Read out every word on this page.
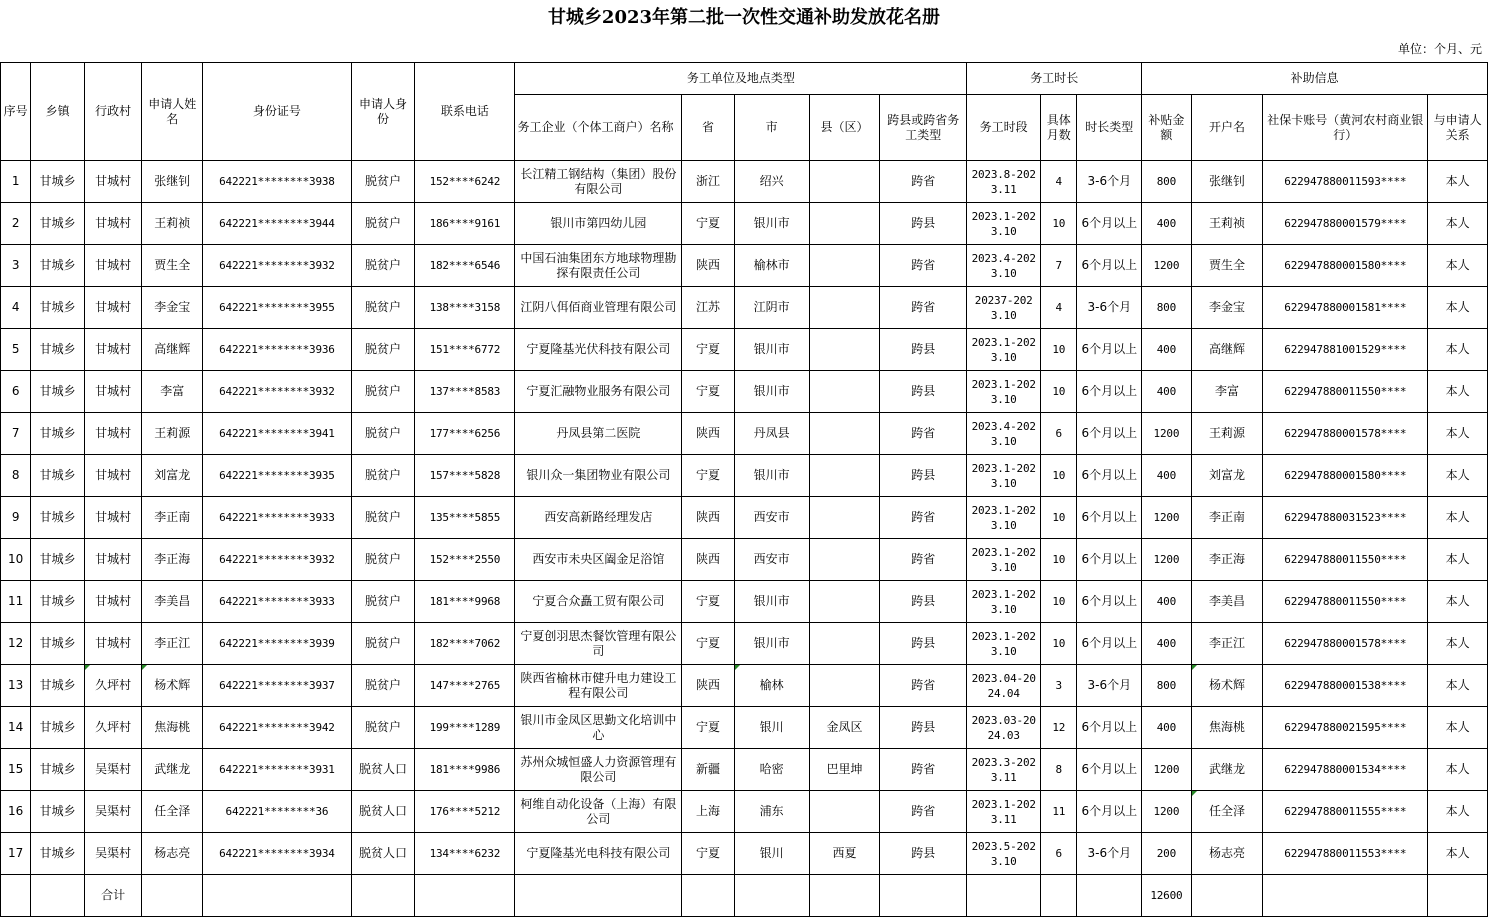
甘城乡2023年第二批一次性交通补助发放花名册
单位：个月、元
序号	乡镇	行政村	申请人姓名	身份证号	申请人身份	联系电话	务工单位及地点类型					务工时长			补助信息			
							务工企业（个体工商户）名称	省	市	县（区）	跨县或跨省务工类型	务工时段	具体月数	时长类型	补贴金额	开户名	社保卡账号（黄河农村商业银行）	与申请人关系
1	甘城乡	甘城村	张继钊	642221********3938	脱贫户	152****6242	长江精工钢结构（集团）股份有限公司	浙江	绍兴		跨省	2023.8-2023.11	4	3-6个月	800	张继钊	622947880011593****	本人
2	甘城乡	甘城村	王莉祯	642221********3944	脱贫户	186****9161	银川市第四幼儿园	宁夏	银川市		跨县	2023.1-2023.10	10	6个月以上	400	王莉祯	622947880001579****	本人
3	甘城乡	甘城村	贾生全	642221********3932	脱贫户	182****6546	中国石油集团东方地球物理勘探有限责任公司	陕西	榆林市		跨省	2023.4-2023.10	7	6个月以上	1200	贾生全	622947880001580****	本人
4	甘城乡	甘城村	李金宝	642221********3955	脱贫户	138****3158	江阴八佴佰商业管理有限公司	江苏	江阴市		跨省	20237-2023.10	4	3-6个月	800	李金宝	622947880001581****	本人
5	甘城乡	甘城村	高继辉	642221********3936	脱贫户	151****6772	宁夏隆基光伏科技有限公司	宁夏	银川市		跨县	2023.1-2023.10	10	6个月以上	400	高继辉	622947881001529****	本人
6	甘城乡	甘城村	李富	642221********3932	脱贫户	137****8583	宁夏汇融物业服务有限公司	宁夏	银川市		跨县	2023.1-2023.10	10	6个月以上	400	李富	622947880011550****	本人
7	甘城乡	甘城村	王莉源	642221********3941	脱贫户	177****6256	丹凤县第二医院	陕西	丹凤县		跨省	2023.4-2023.10	6	6个月以上	1200	王莉源	622947880001578****	本人
8	甘城乡	甘城村	刘富龙	642221********3935	脱贫户	157****5828	银川众一集团物业有限公司	宁夏	银川市		跨县	2023.1-2023.10	10	6个月以上	400	刘富龙	622947880001580****	本人
9	甘城乡	甘城村	李正南	642221********3933	脱贫户	135****5855	西安高新路经理发店	陕西	西安市		跨省	2023.1-2023.10	10	6个月以上	1200	李正南	622947880031523****	本人
10	甘城乡	甘城村	李正海	642221********3932	脱贫户	152****2550	西安市未央区阖金足浴馆	陕西	西安市		跨省	2023.1-2023.10	10	6个月以上	1200	李正海	622947880011550****	本人
11	甘城乡	甘城村	李美昌	642221********3933	脱贫户	181****9968	宁夏合众矗工贸有限公司	宁夏	银川市		跨县	2023.1-2023.10	10	6个月以上	400	李美昌	622947880011550****	本人
12	甘城乡	甘城村	李正江	642221********3939	脱贫户	182****7062	宁夏创羽思杰餐饮管理有限公司	宁夏	银川市		跨县	2023.1-2023.10	10	6个月以上	400	李正江	622947880001578****	本人
13	甘城乡	久坪村	杨术辉	642221********3937	脱贫户	147****2765	陕西省榆林市健升电力建设工程有限公司	陕西	榆林		跨省	2023.04-2024.04	3	3-6个月	800	杨术辉	622947880001538****	本人
14	甘城乡	久坪村	焦海桃	642221********3942	脱贫户	199****1289	银川市金凤区思勤文化培训中心	宁夏	银川	金凤区	跨县	2023.03-2024.03	12	6个月以上	400	焦海桃	622947880021595****	本人
15	甘城乡	吴渠村	武继龙	642221********3931	脱贫人口	181****9986	苏州众城恒盛人力资源管理有限公司	新疆	哈密	巴里坤	跨省	2023.3-2023.11	8	6个月以上	1200	武继龙	622947880001534****	本人
16	甘城乡	吴渠村	任全泽	642221********36	脱贫人口	176****5212	柯维自动化设备（上海）有限公司	上海	浦东		跨省	2023.1-2023.11	11	6个月以上	1200	任全泽	622947880011555****	本人
17	甘城乡	吴渠村	杨志亮	642221********3934	脱贫人口	134****6232	宁夏隆基光电科技有限公司	宁夏	银川	西夏	跨县	2023.5-2023.10	6	3-6个月	200	杨志亮	622947880011553****	本人
		合计													12600			
